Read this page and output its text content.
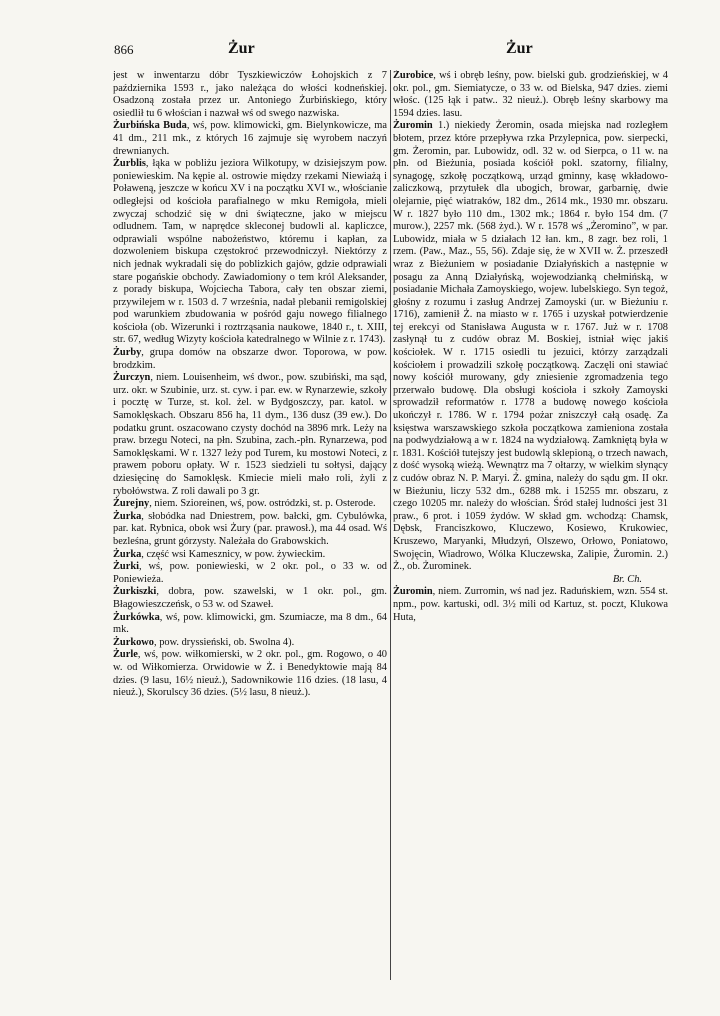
866	Żur	Żur

jest w inwentarzu dóbr Tyszkiewiczów Łohojskich z 7 października 1593 r., jako należąca do włości kodneńskiej. Osadzoną została przez ur. Antoniego Żurbińskiego, który osiedlił tu 6 włościan i nazwał wś od swego nazwiska.

Żurbińska Buda, wś, pow. klimowicki, gm. Bielynkowicze, ma 41 dm., 211 mk., z których 16 zajmuje się wyrobem naczyń drewnianych.

Żurblis, łąka w pobliżu jeziora Wilkotupy, w dzisiejszym pow. poniewieskim. Na kępie al. ostrowie między rzekami Niewiażą i Poławeną, jeszcze w końcu XV i na początku XVI w., włościanie odległejsi od kościoła parafialnego w mku Remigoła, mieli zwyczaj schodzić się w dni świąteczne, jako w miejscu odludnem. Tam, w naprędce skleconej budowli al. kapliczce, odprawiali wspólne nabożeństwo, któremu i kapłan, za dozwoleniem biskupa częstokroć przewodniczył. Niektórzy z nich jednak wykradali się do poblizkich gajów, gdzie odprawiali stare pogańskie obchody. Zawiadomiony o tem król Aleksander, z porady biskupa, Wojciecha Tabora, cały ten obszar ziemi, przywilejem w r. 1503 d. 7 września, nadał plebanii remigolskiej pod warunkiem zbudowania w pośród gaju nowego filialnego kościoła (ob. Wizerunki i roztrząsania naukowe, 1840 r., t. XIII, str. 67, według Wizyty kościoła katedralnego w Wilnie z r. 1743).

Żurby, grupa domów na obszarze dwor. Toporowa, w pow. brodzkim.

Żurczyn, niem. Louisenheim, wś dwor., pow. szubiński, ma sąd, urz. okr. w Szubinie, urz. st. cyw. i par. ew. w Rynarzewie, szkoły i pocztę w Turze, st. kol. żel. w Bydgoszczy, par. katol. w Samoklęskach. Obszaru 856 ha, 11 dym., 136 dusz (39 ew.). Do podatku grunt. oszacowano czysty dochód na 3896 mrk. Leży na praw. brzegu Noteci, na płn. Szubina, zach.-płn. Rynarzewa, pod Samoklęskami. W r. 1327 leży pod Turem, ku mostowi Noteci, z prawem poboru opłaty. W r. 1523 siedzieli tu sołtysi, dający dziesięcinę do Samoklęsk. Kmiecie mieli mało roli, żyli z rybołówstwa. Z roli dawali po 3 gr.

Żurejny, niem. Szioreinen, wś, pow. ostródzki, st. p. Osterode.

Żurka, słobódka nad Dniestrem, pow. bałcki, gm. Cybulówka, par. kat. Rybnica, obok wsi Żury (par. prawosł.), ma 44 osad. Wś bezleśna, grunt górzysty. Należała do Grabowskich.

Żurka, część wsi Kameszniсy, w pow. żywieckim.

Żurki, wś, pow. poniewieski, w 2 okr. pol., o 33 w. od Poniewieża.

Żurkiszki, dobra, pow. szawelski, w 1 okr. pol., gm. Błagowieszczeńsk, o 53 w. od Szaweł.

Żurkówka, wś, pow. klimowicki, gm. Szumiacze, ma 8 dm., 64 mk.

Żurkowo, pow. dryssieński, ob. Swolna 4).

Żurle, wś, pow. wiłkomierski, w 2 okr. pol., gm. Rogowo, o 40 w. od Wiłkomierza. Orwidowie w Ż. i Benedyktowie mają 84 dzies. (9 lasu, 16½ nieuż.), Sadownikowie 116 dzies. (18 lasu, 4 nieuż.), Skorulscy 36 dzies. (5½ lasu, 8 nieuż.).

Żurobice, wś i obręb leśny, pow. bielski gub. grodzieńskiej, w 4 okr. pol., gm. Siemiatycze, o 33 w. od Bielska, 947 dzies. ziemi włośc. (125 łąk i patw.. 32 nieuż.). Obręb leśny skarbowy ma 1594 dzies. lasu.

Żuromin 1.) niekiedy Żeromin, osada miejska nad rozległem błotem, przez które przepływa rzka Przylepnica, pow. sierpecki, gm. Żeromin, par. Lubowidz, odl. 32 w. od Sierpca, o 11 w. na płn. od Bieżunia, posiada kościół pokl. szatorny, filialny, synagogę, szkołę początkową, urząd gminny, kasę wkładowo-zaliczkową, przytułek dla ubogich, browar, garbarnię, dwie olejarnie, pięć wiatraków, 182 dm., 2614 mk., 1930 mr. obszaru. W r. 1827 było 110 dm., 1302 mk.; 1864 r. było 154 dm. (7 murow.), 2257 mk. (568 żyd.). W r. 1578 wś „Żeromino”, w par. Lubowidz, miała w 5 działach 12 łan. km., 8 zagr. bez roli, 1 rzem. (Paw., Maz., 55, 56). Zdaje się, że w XVII w. Ż. przeszedł wraz z Bieżuniem w posiadanie Działyńskich a następnie w posagu za Anną Działyńską, wojewodzianką chełmińską, w posiadanie Michała Zamoyskiego, wojew. lubelskiego. Syn tegoż, głośny z rozumu i zasług Andrzej Zamoyski (ur. w Bieżuniu r. 1716), zamienił Ż. na miasto w r. 1765 i uzyskał potwierdzenie tej erekcyi od Stanisława Augusta w r. 1767. Już w r. 1708 zasłynął tu z cudów obraz M. Boskiej, istniał więc jakiś kościołek. W r. 1715 osiedli tu jezuici, którzy zarządzali kościołem i prowadzili szkołę początkową. Zaczęli oni stawiać nowy kościół murowany, gdy zniesienie zgromadzenia tego przerwało budowę. Dla obsługi kościoła i szkoły Zamoyski sprowadził reformatów r. 1778 a budowę nowego kościoła ukończył r. 1786. W r. 1794 pożar zniszczył całą osadę. Za księstwa warszawskiego szkoła początkowa zamieniona została na podwydziałową a w r. 1824 na wydziałową. Zamkniętą była w r. 1831. Kościół tutejszy jest budowlą sklepioną, o trzech nawach, z dość wysoką wieżą. Wewnątrz ma 7 ołtarzy, w wielkim słynący z cudów obraz N. P. Maryi. Ż. gmina, należy do sądu gm. II okr. w Bieżuniu, liczy 532 dm., 6288 mk. i 15255 mr. obszaru, z czego 10205 mr. należy do włościan. Śród stałej ludności jest 31 praw., 6 prot. i 1059 żydów. W skład gm. wchodzą: Chamsk, Dębsk, Franciszkowo, Kluczewo, Kosiewo, Krukowiec, Kruszewo, Maryanki, Młudzyń, Olszewo, Orłowo, Poniatowo, Swojęcin, Wiadrowo, Wólka Kluczewska, Zalipie, Żuromin. 2.) Ż., ob. Żurominek.

Br. Ch.

Żuromin, niem. Zurromin, wś nad jez. Raduńskiem, wzn. 554 st. npm., pow. kartuski, odl. 3½ mili od Kartuz, st. poczt, Klukowa Huta,
